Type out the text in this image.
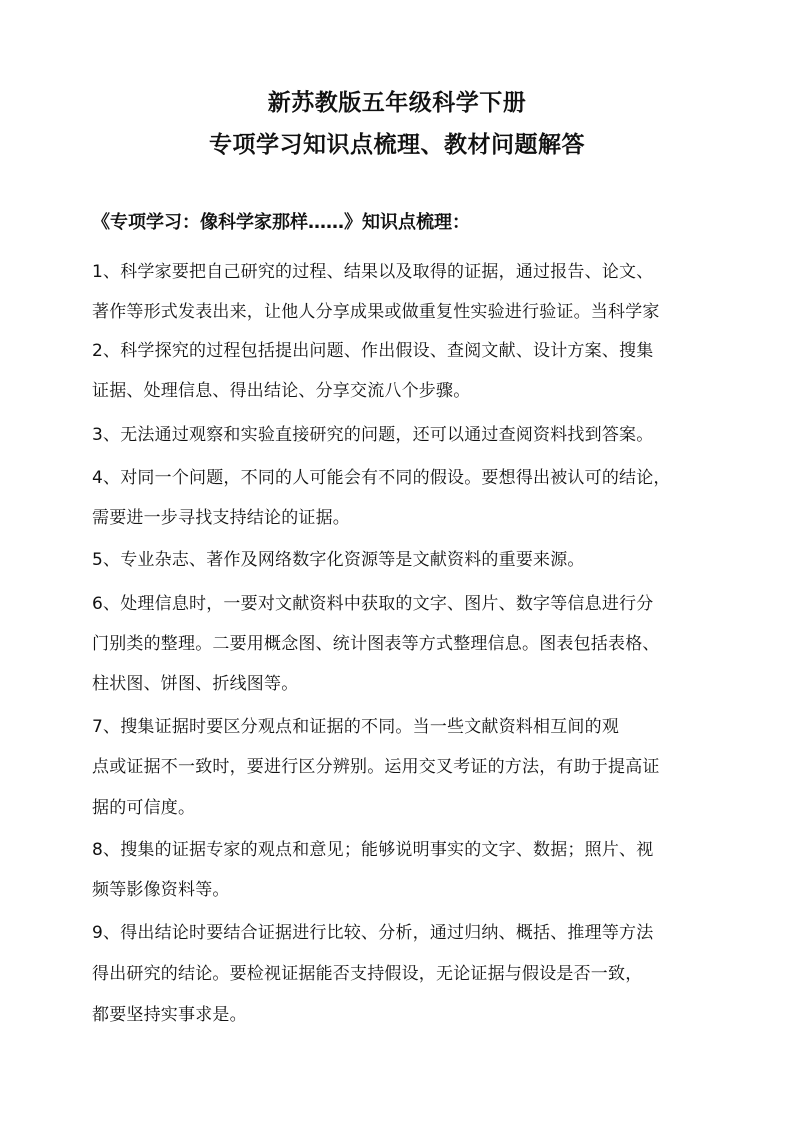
新苏教版五年级科学下册
专项学习知识点梳理、教材问题解答
《专项学习：像科学家那样……》知识点梳理：

1、科学家要把自己研究的过程、结果以及取得的证据，通过报告、论文、

著作等形式发表出来，让他人分享成果或做重复性实验进行验证。当科学家

2、科学探究的过程包括提出问题、作出假设、查阅文献、设计方案、搜集

证据、处理信息、得出结论、分享交流八个步骤。

3、无法通过观察和实验直接研究的问题，还可以通过查阅资料找到答案。

4、对同一个问题，不同的人可能会有不同的假设。要想得出被认可的结论，

需要进一步寻找支持结论的证据。

5、专业杂志、著作及网络数字化资源等是文献资料的重要来源。

6、处理信息时，一要对文献资料中获取的文字、图片、数字等信息进行分

门别类的整理。二要用概念图、统计图表等方式整理信息。图表包括表格、

柱状图、饼图、折线图等。

7、搜集证据时要区分观点和证据的不同。当一些文献资料相互间的观

点或证据不一致时，要进行区分辨别。运用交叉考证的方法，有助于提高证

据的可信度。

8、搜集的证据专家的观点和意见；能够说明事实的文字、数据；照片、视

频等影像资料等。

9、得出结论时要结合证据进行比较、分析，通过归纳、概括、推理等方法

得出研究的结论。要检视证据能否支持假设，无论证据与假设是否一致，

都要坚持实事求是。
